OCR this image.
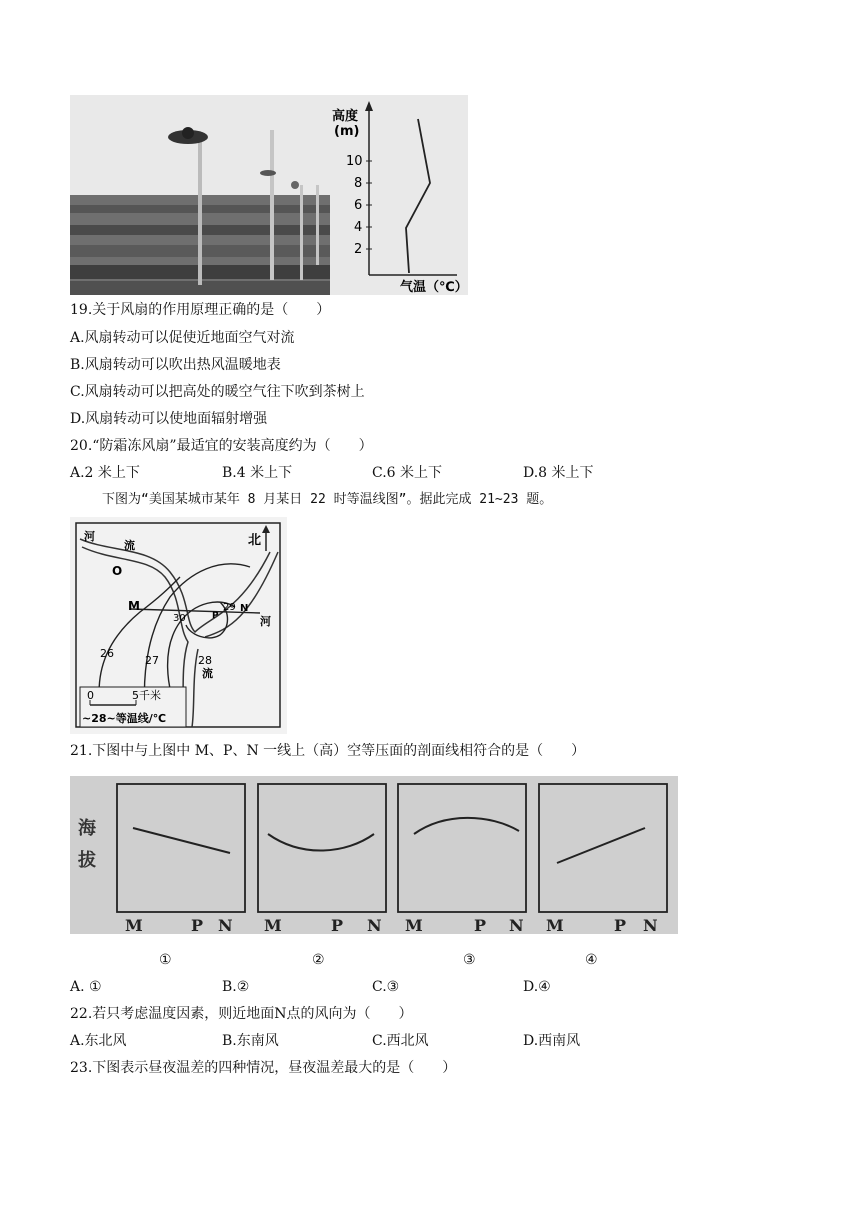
高度
(m)
10
8
6
4
2
气温（℃）
19.关于风扇的作用原理正确的是（　　）
A.风扇转动可以促使近地面空气对流
B.风扇转动可以吹出热风温暖地表
C.风扇转动可以把高处的暖空气往下吹到茶树上
D.风扇转动可以使地面辐射增强
20.“防霜冻风扇”最适宜的安装高度约为（　　）
A.2 米上下	B.4 米上下	C.6 米上下	D.8 米上下
下图为“美国某城市某年 8 月某日 22 时等温线图”。据此完成 21~23 题。
北
河
流
河
流
O
M
P
N
26
27	28
29
30
0	5千米
~28~等温线/℃
21.下图中与上图中 M、P、N 一线上（高）空等压面的剖面线相符合的是（　　）
海
拔
M	P N M	P N M	P N M	P N
①	②	③	④
A. ①	B.②	C.③	D.④
22.若只考虑温度因素，则近地面N点的风向为（　　）
A.东北风	B.东南风	C.西北风	D.西南风
23.下图表示昼夜温差的四种情况，昼夜温差最大的是（　　）
